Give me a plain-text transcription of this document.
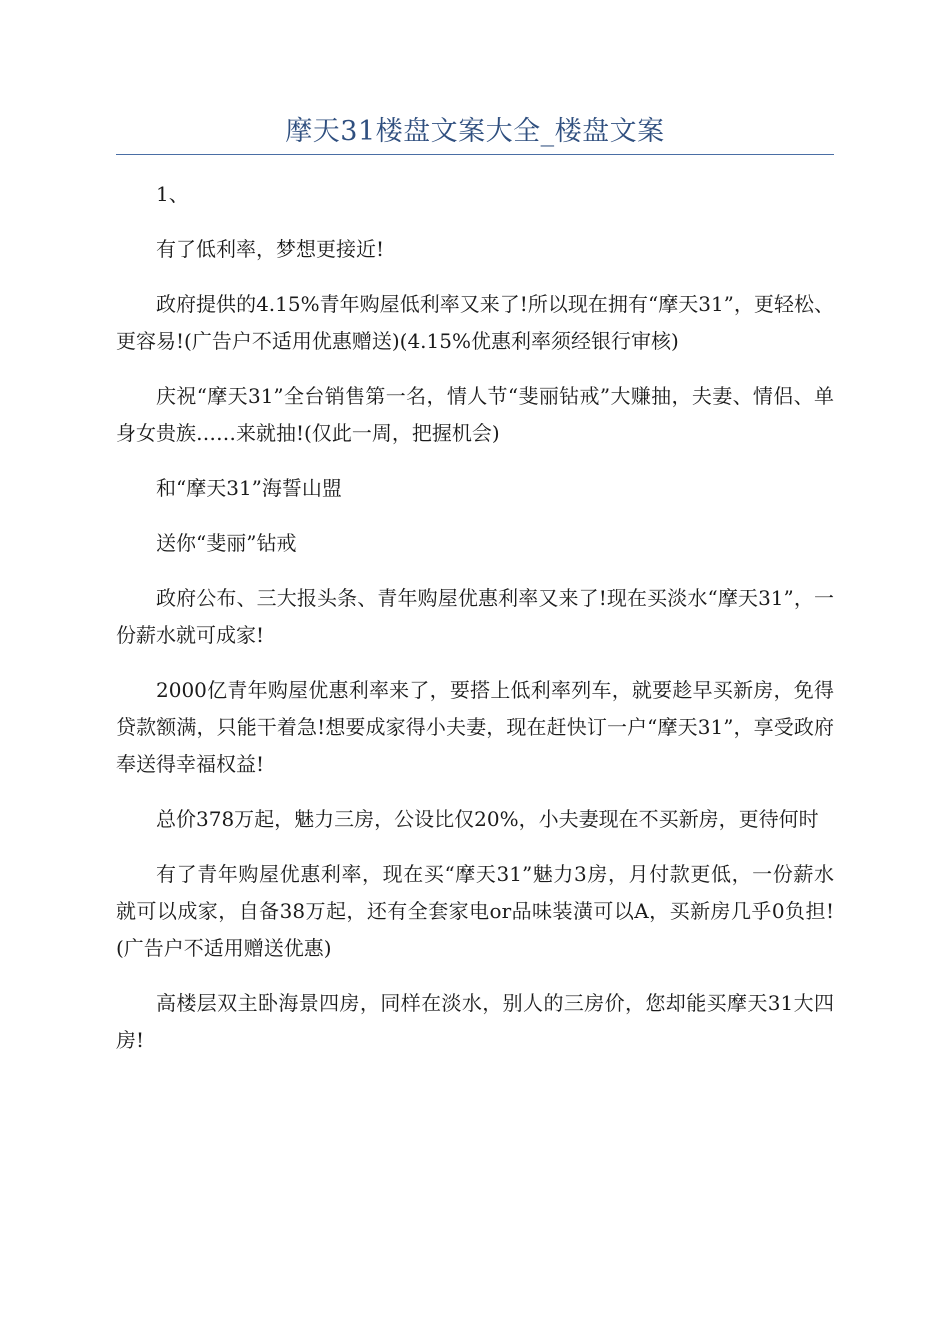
摩天31楼盘文案大全_楼盘文案

1、

有了低利率，梦想更接近!

政府提供的4.15%青年购屋低利率又来了!所以现在拥有“摩天31”，更轻松、更容易!(广告户不适用优惠赠送)(4.15%优惠利率须经银行审核)

庆祝“摩天31”全台销售第一名，情人节“斐丽钻戒”大赚抽，夫妻、情侣、单身女贵族……来就抽!(仅此一周，把握机会)

和“摩天31”海誓山盟

送你“斐丽”钻戒

政府公布、三大报头条、青年购屋优惠利率又来了!现在买淡水“摩天31”，一份薪水就可成家!

2000亿青年购屋优惠利率来了，要搭上低利率列车，就要趁早买新房，免得贷款额满，只能干着急!想要成家得小夫妻，现在赶快订一户“摩天31”，享受政府奉送得幸福权益!

总价378万起，魅力三房，公设比仅20%，小夫妻现在不买新房，更待何时

有了青年购屋优惠利率，现在买“摩天31”魅力3房，月付款更低，一份薪水就可以成家，自备38万起，还有全套家电or品味装潢可以A，买新房几乎0负担!(广告户不适用赠送优惠)

高楼层双主卧海景四房，同样在淡水，别人的三房价，您却能买摩天31大四房!
